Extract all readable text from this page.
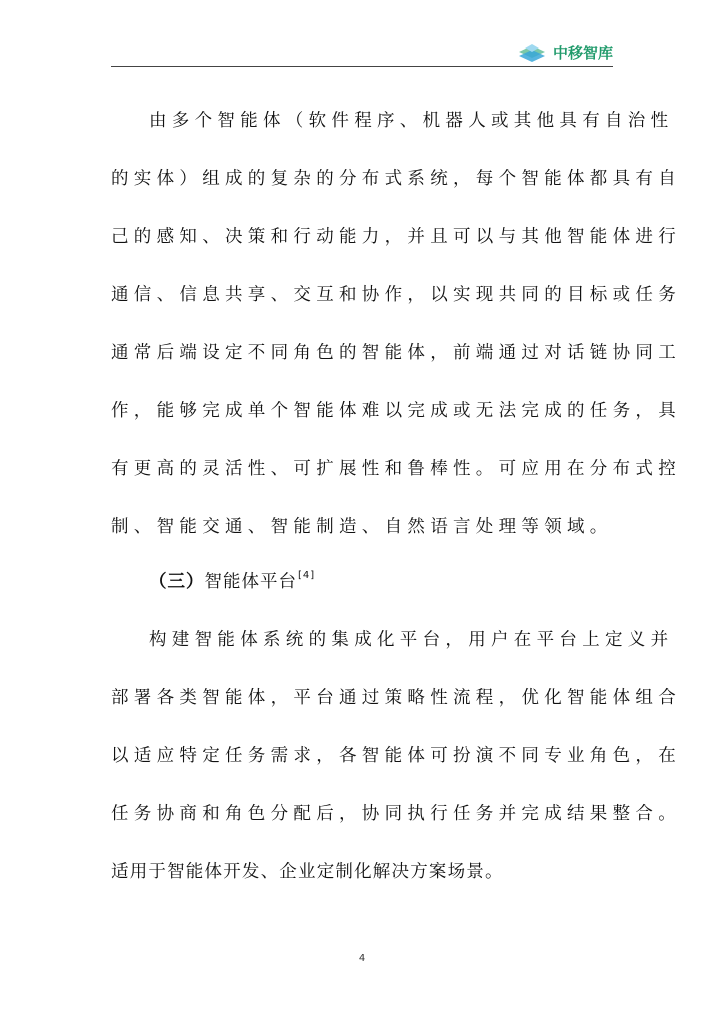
中移智库
由多个智能体（软件程序、机器人或其他具有自治性
的实体）组成的复杂的分布式系统，每个智能体都具有自
己的感知、决策和行动能力，并且可以与其他智能体进行
通信、信息共享、交互和协作，以实现共同的目标或任务
通常后端设定不同角色的智能体，前端通过对话链协同工
作，能够完成单个智能体难以完成或无法完成的任务，具
有更高的灵活性、可扩展性和鲁棒性。可应用在分布式控
制、智能交通、智能制造、自然语言处理等领域。
（三）智能体平台[4]
构建智能体系统的集成化平台，用户在平台上定义并
部署各类智能体，平台通过策略性流程，优化智能体组合
以适应特定任务需求，各智能体可扮演不同专业角色，在
任务协商和角色分配后，协同执行任务并完成结果整合。
适用于智能体开发、企业定制化解决方案场景。
4
